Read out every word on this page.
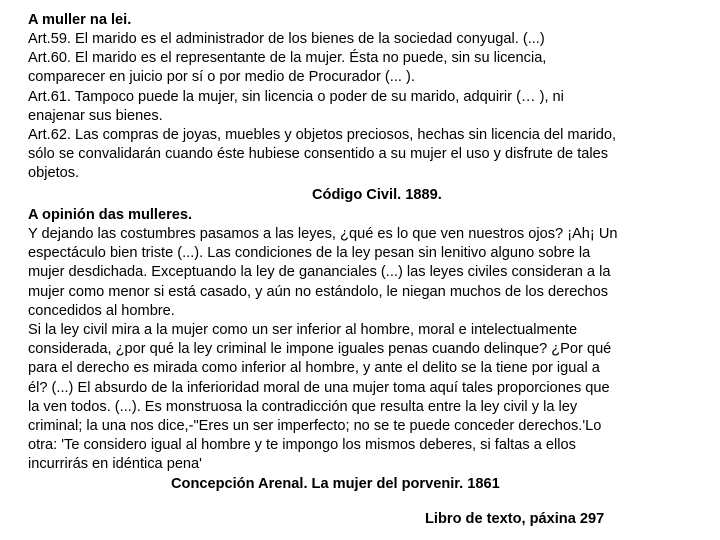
A muller na lei.
Art.59. El marido es el administrador de los bienes de la sociedad conyugal. (...)
Art.60. El marido es el representante de la mujer. Ésta no puede, sin su licencia,
comparecer en juicio por sí o por medio de Procurador (... ).
Art.61. Tampoco puede la mujer, sin licencia o poder de su marido, adquirir (… ), ni
enajenar sus bienes.
Art.62. Las compras de joyas, muebles y objetos preciosos, hechas sin licencia del marido,
sólo se convalidarán cuando éste hubiese consentido a su mujer el uso y disfrute de tales
objetos.
Código Civil. 1889.
A opinión das mulleres.
Y dejando las costumbres pasamos a las leyes, ¿qué es lo que ven nuestros ojos? ¡Ah¡ Un
espectáculo bien triste (...). Las condiciones de la ley pesan sin lenitivo alguno sobre la
mujer desdichada. Exceptuando la ley de gananciales (...) las leyes civiles consideran a la
mujer como menor si está casado, y aún no estándolo, le niegan muchos de los derechos
concedidos al hombre.
Si la ley civil mira a la mujer como un ser inferior al hombre, moral e intelectualmente
considerada, ¿por qué la ley criminal le impone iguales penas cuando delinque? ¿Por qué
para el derecho es mirada como inferior al hombre, y ante el delito se la tiene por igual a
él? (...) El absurdo de la inferioridad moral de una mujer toma aquí tales proporciones que
la ven todos. (...). Es monstruosa la contradicción que resulta entre la ley civil y la ley
criminal; la una nos dice,-"Eres un ser imperfecto; no se te puede conceder derechos.'Lo
otra: 'Te considero igual al hombre y te impongo los mismos deberes, si faltas a ellos
incurrirás en idéntica pena'
Concepción Arenal. La mujer del porvenir. 1861
Libro de texto, páxina 297
